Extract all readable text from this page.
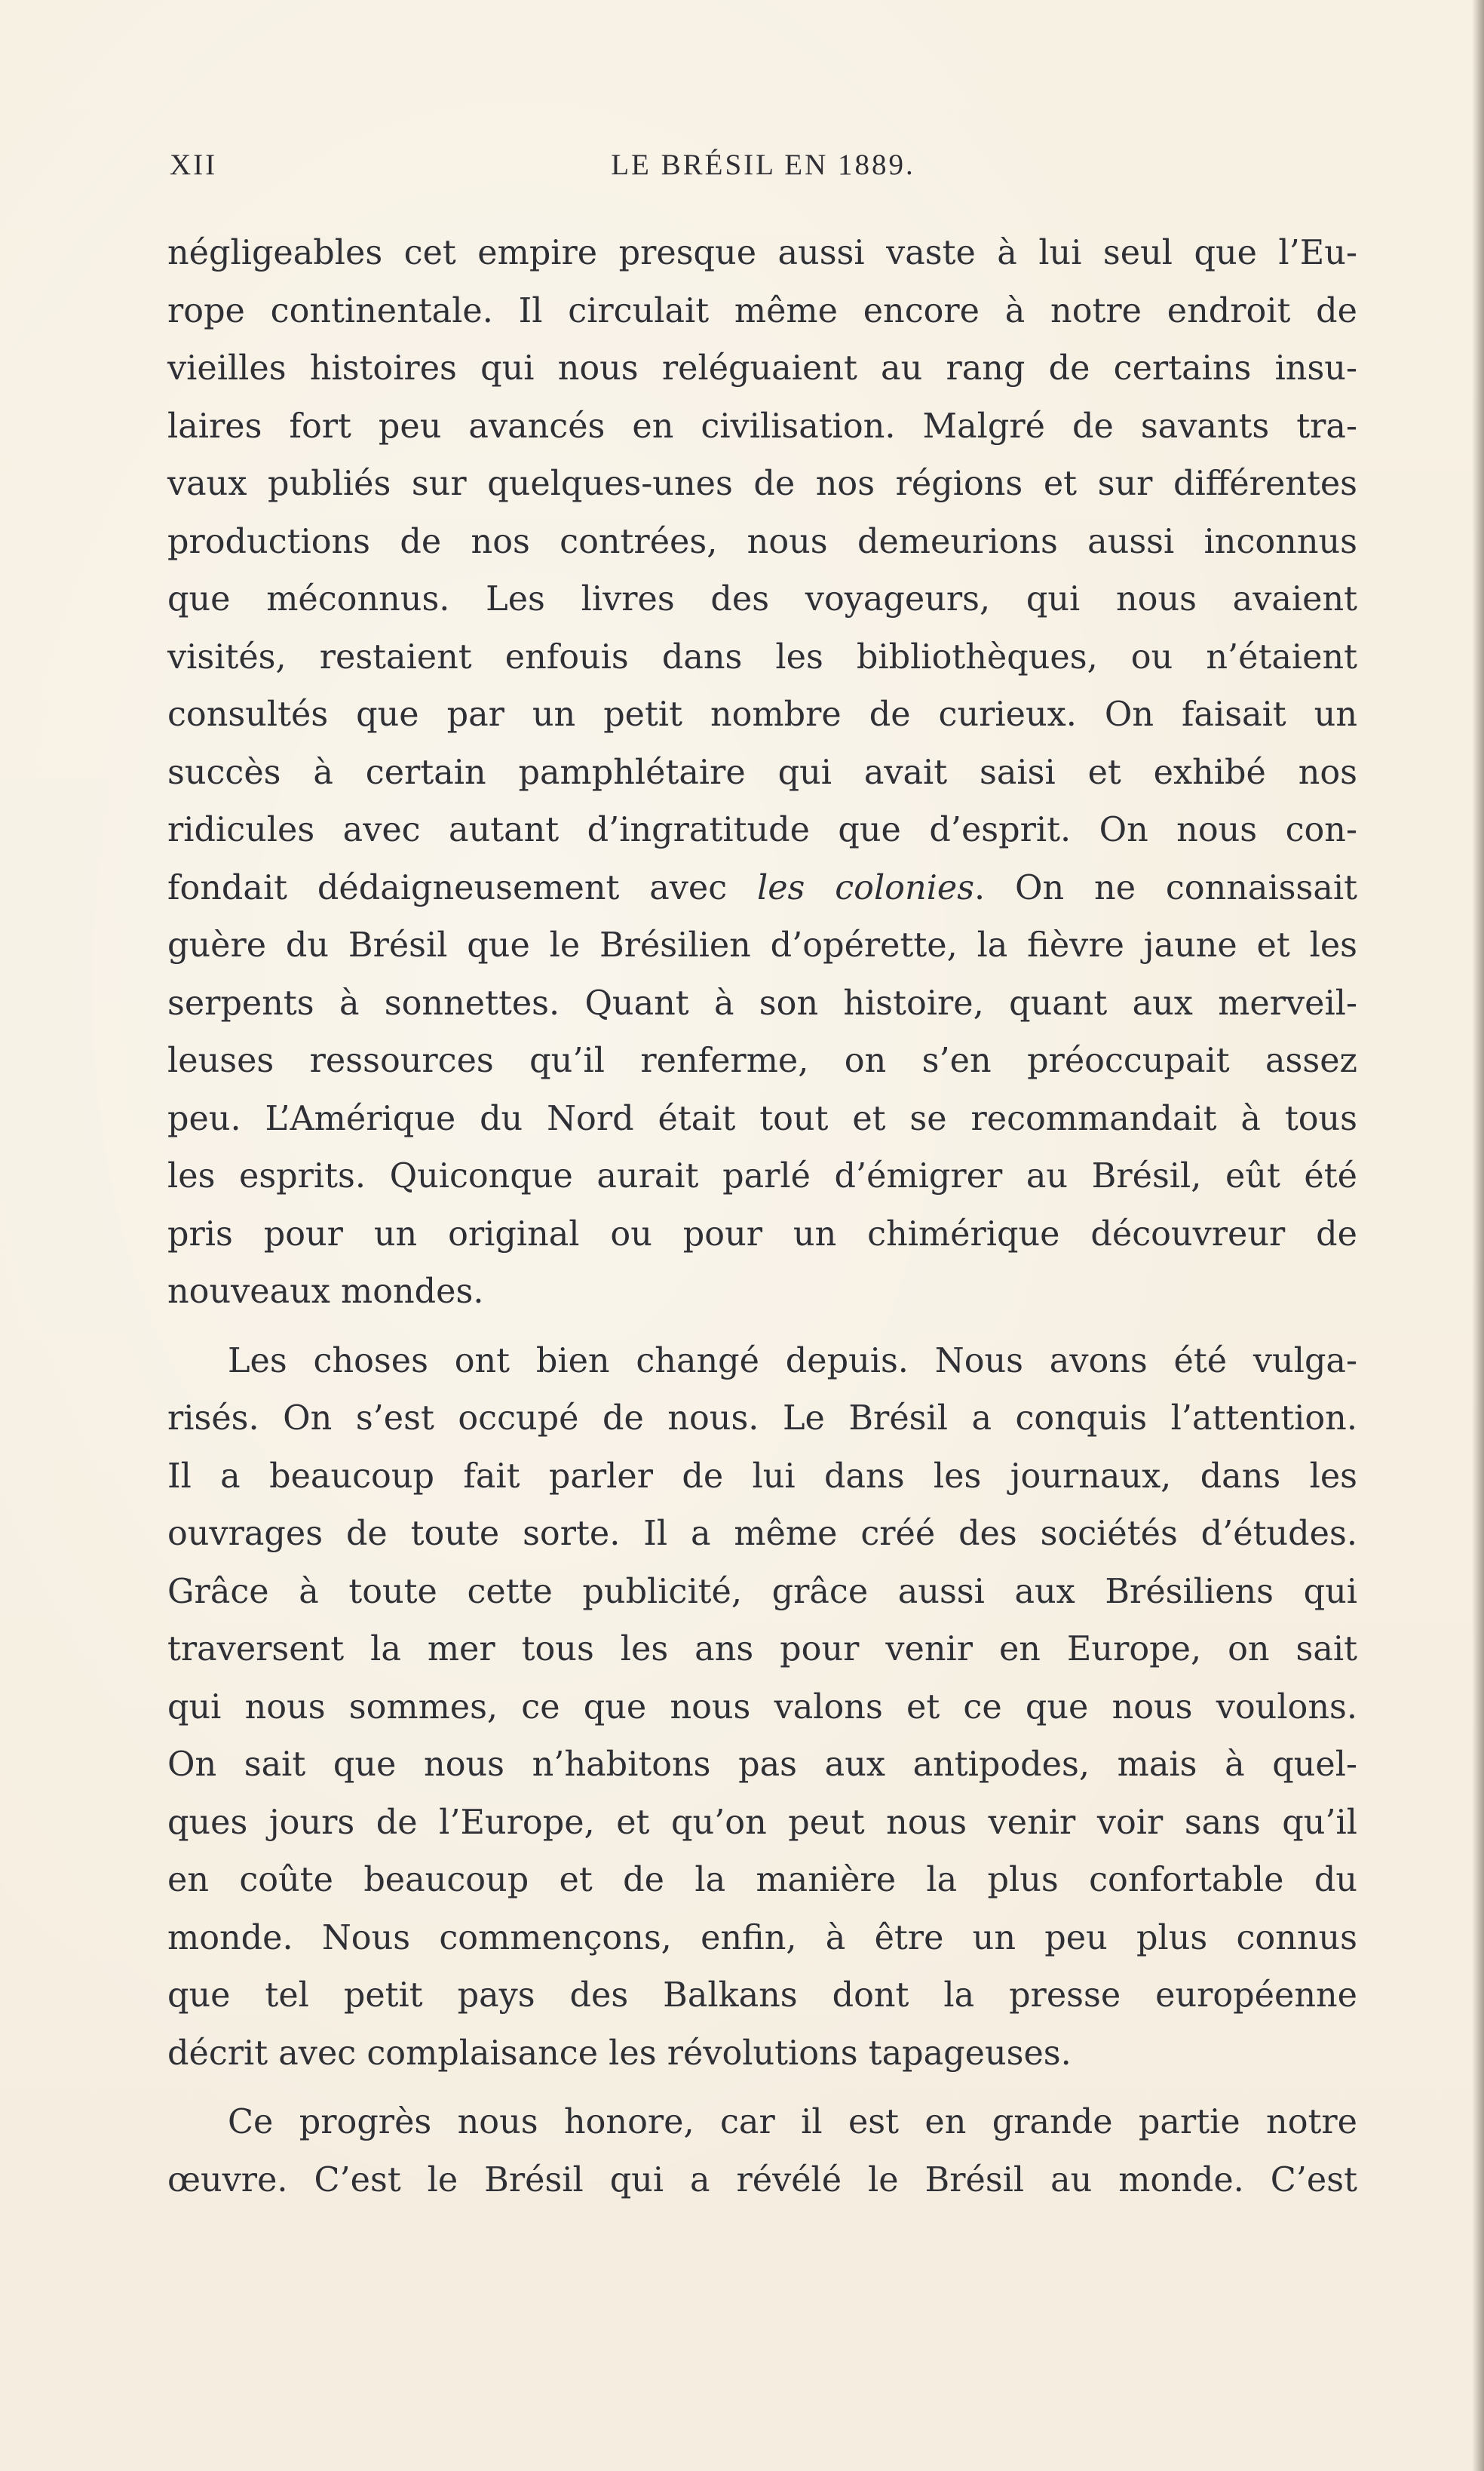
XII	LE BRÉSIL EN 1889.
négligeables cet empire presque aussi vaste à lui seul que l’Eu-
rope continentale. Il circulait même encore à notre endroit de
vieilles histoires qui nous reléguaient au rang de certains insu-
laires fort peu avancés en civilisation. Malgré de savants tra-
vaux publiés sur quelques-unes de nos régions et sur différentes
productions de nos contrées, nous demeurions aussi inconnus
que méconnus. Les livres des voyageurs, qui nous avaient
visités, restaient enfouis dans les bibliothèques, ou n’étaient
consultés que par un petit nombre de curieux. On faisait un
succès à certain pamphlétaire qui avait saisi et exhibé nos
ridicules avec autant d’ingratitude que d’esprit. On nous con-
fondait dédaigneusement avec les colonies. On ne connaissait
guère du Brésil que le Brésilien d’opérette, la fièvre jaune et les
serpents à sonnettes. Quant à son histoire, quant aux merveil-
leuses ressources qu’il renferme, on s’en préoccupait assez
peu. L’Amérique du Nord était tout et se recommandait à tous
les esprits. Quiconque aurait parlé d’émigrer au Brésil, eût été
pris pour un original ou pour un chimérique découvreur de
nouveaux mondes.
Les choses ont bien changé depuis. Nous avons été vulga-
risés. On s’est occupé de nous. Le Brésil a conquis l’attention.
Il a beaucoup fait parler de lui dans les journaux, dans les
ouvrages de toute sorte. Il a même créé des sociétés d’études.
Grâce à toute cette publicité, grâce aussi aux Brésiliens qui
traversent la mer tous les ans pour venir en Europe, on sait
qui nous sommes, ce que nous valons et ce que nous voulons.
On sait que nous n’habitons pas aux antipodes, mais à quel-
ques jours de l’Europe, et qu’on peut nous venir voir sans qu’il
en coûte beaucoup et de la manière la plus confortable du
monde. Nous commençons, enfin, à être un peu plus connus
que tel petit pays des Balkans dont la presse européenne
décrit avec complaisance les révolutions tapageuses.
Ce progrès nous honore, car il est en grande partie notre
œuvre. C’est le Brésil qui a révélé le Brésil au monde. C’est
